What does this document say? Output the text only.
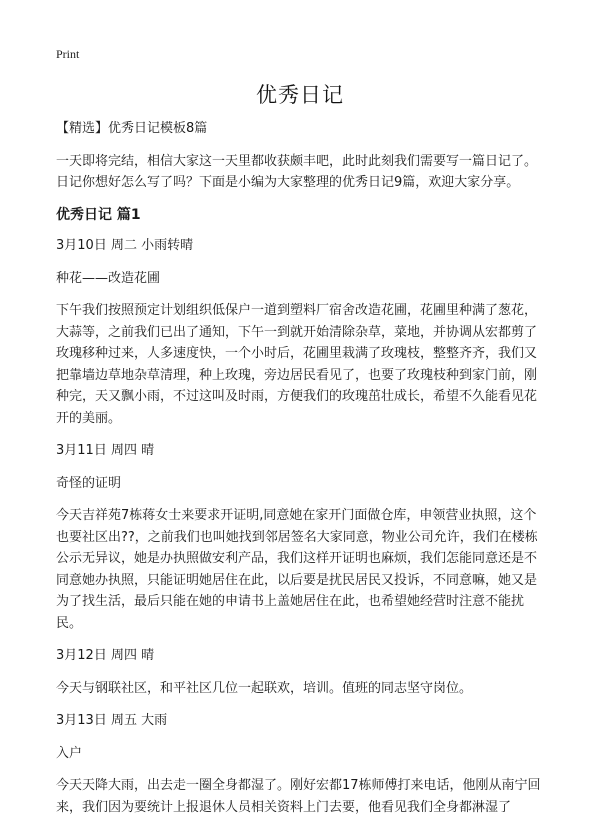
Print
优秀日记

【精选】优秀日记模板8篇

一天即将完结，相信大家这一天里都收获颇丰吧，此时此刻我们需要写一篇日记了。日记你想好怎么写了吗？下面是小编为大家整理的优秀日记9篇，欢迎大家分享。

优秀日记 篇1

3月10日 周二 小雨转晴

种花——改造花圃

下午我们按照预定计划组织低保户一道到塑料厂宿舍改造花圃，花圃里种满了葱花，大蒜等，之前我们已出了通知，下午一到就开始清除杂草，菜地，并协调从宏都剪了玫瑰移种过来，人多速度快，一个小时后，花圃里栽满了玫瑰枝，整整齐齐，我们又把靠墙边草地杂草清理，种上玫瑰，旁边居民看见了，也要了玫瑰枝种到家门前，刚种完，天又飘小雨，不过这叫及时雨，方便我们的玫瑰茁壮成长，希望不久能看见花开的美丽。

3月11日 周四 晴

奇怪的证明

今天吉祥苑7栋蒋女士来要求开证明,同意她在家开门面做仓库，申领营业执照，这个也要社区出??，之前我们也叫她找到邻居签名大家同意，物业公司允许，我们在楼栋公示无异议，她是办执照做安利产品，我们这样开证明也麻烦，我们怎能同意还是不同意她办执照，只能证明她居住在此，以后要是扰民居民又投诉，不同意嘛，她又是为了找生活，最后只能在她的申请书上盖她居住在此，也希望她经营时注意不能扰民。

3月12日 周四 晴

今天与钢联社区，和平社区几位一起联欢，培训。值班的同志坚守岗位。

3月13日 周五 大雨

入户

今天天降大雨，出去走一圈全身都湿了。刚好宏都17栋师傅打来电话，他刚从南宁回来，我们因为要统计上报退休人员相关资料上门去要，他看见我们全身都淋湿了
